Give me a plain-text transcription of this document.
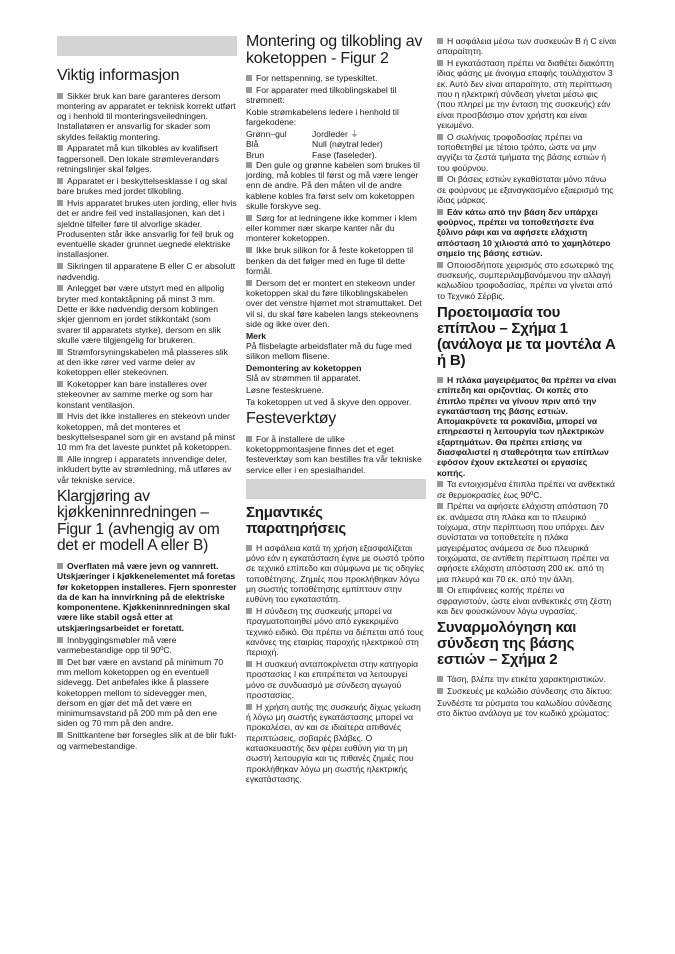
Viktig informasjon

Sikker bruk kan bare garanteres dersom montering av apparatet er teknisk korrekt utført og i henhold til monteringsveiledningen. Installatøren er ansvarlig for skader som skyldes feilaktig montering.

Apparatet må kun tilkobles av kvalifisert fagpersonell. Den lokale strømleverandørs retningslinjer skal følges.

Apparatet er i beskyttelsesklasse I og skal bare brukes med jordet tilkobling.

Hvis apparatet brukes uten jording, eller hvis det er andre feil ved installasjonen, kan det i sjeldne tilfeller føre til alvorlige skader. Produsenten står ikke ansvarlig for feil bruk og eventuelle skader grunnet uegnede elektriske installasjoner.

Sikringen til apparatene B eller C er absolutt nødvendig.

Anlegget bør være utstyrt med en allpolig bryter med kontaktåpning på minst 3 mm. Dette er ikke nødvendig dersom koblingen skjer gjennom en jordet stikkontakt (som svarer til apparatets styrke), dersom en slik skulle være tilgjengelig for brukeren.

Strømforsyningskabelen må plasseres slik at den ikke rører ved varme deler av koketoppen eller stekeovnen.

Koketopper kan bare installeres over stekeovner av samme merke og som har konstant ventilasjon.

Hvis det ikke installeres en stekeovn under koketoppen, må det monteres et beskyttelsespanel som gir en avstand på minst 10 mm fra det laveste punktet på koketoppen.

Alle inngrep i apparatets innvendige deler, inkludert bytte av strømledning, må utføres av vår tekniske service.

Klargjøring av kjøkkeninnredningen – Figur 1 (avhengig av om det er modell A eller B)

Overflaten må være jevn og vannrett. Utskjæringer i kjøkkenelementet må foretas før koketoppen installeres. Fjern sponrester da de kan ha innvirkning på de elektriske komponentene. Kjøkkeninnredningen skal være like stabil også etter at utskjæringsarbeidet er foretatt.

Innbyggingsmøbler må være varmebestandige opp til 90ºC.

Det bør være en avstand på minimum 70 mm mellom koketoppen og en eventuell sidevegg. Det anbefales ikke å plassere koketoppen mellom to sidevegger men, dersom en gjør det må det være en minimumsavstand på 200 mm på den ene siden og 70 mm på den andre.

Snittkantene bør forsegles slik at de blir fukt- og varmebestandige.

Montering og tilkobling av koketoppen - Figur 2

For nettspenning, se typeskiltet.

For apparater med tilkoblingskabel til strømnett:

Koble strømkabelens ledere i henhold til fargekodene:

Grønn–gul	Jordleder ⏚
Blå	Null (nøytral leder)
Brun	Fase (faseleder).

Den gule og grønne kabelen som brukes til jording, må kobles til først og må være lenger enn de andre. På den måten vil de andre kablene kobles fra først selv om koketoppen skulle forskyve seg.

Sørg for at ledningene ikke kommer i klem eller kommer nær skarpe kanter når du monterer koketoppen.

Ikke bruk silikon for å feste koketoppen til benken da det følger med en fuge til dette formål.

Dersom det er montert en stekeovn under koketoppen skal du føre tilkoblingskabelen over det venstre hjørnet mot strømuttaket. Det vil si, du skal føre kabelen langs stekeovnens side og ikke over den.

Merk

På flisbelagte arbeidsflater må du fuge med silikon mellom flisene.

Demontering av koketoppen

Slå av strømmen til apparatet.

Løsne festeskruene.

Ta koketoppen ut ved å skyve den oppover.

Festeverktøy

For å installere de ulike koketoppmontasjene finnes det et eget festeverktøy som kan bestilles fra vår tekniske service eller i en spesialhandel.

Σημαντικές παρατηρήσεις

Η ασφάλεια κατά τη χρήση εξασφαλίζεται μόνο εάν η εγκατάσταση έγινε με σωστό τρόπο σε τεχνικό επίπεδο και σύμφωνα με τις οδηγίες τοποθέτησης. Ζημιές που προκλήθηκαν λόγω μη σωστής τοποθέτησης εμπίπτουν στην ευθύνη του εγκαταστάτη.

Η σύνδεση της συσκευής μπορεί να πραγματοποιηθεί μόνο από εγκεκριμένο τεχνικό ειδικό. Θα πρέπει να διέπεται από τους κανόνες της εταιρίας παροχής ηλεκτρικού στη περιοχή.

Η συσκευή ανταποκρίνεται στην κατηγορία προστασίας I και επιτρέπεται να λειτουργεί μόνο σε συνδυασμό με σύνδεση αγωγού προστασίας.

Η χρήση αυτής της συσκευής δίχως γείωση ή λόγω μη σωστής εγκατάστασης μπορεί να προκαλέσει, αν και σε ιδιαίτερα απιθανές περιπτώσεις, σοβαρές βλάβες. Ο κατασκευαστής δεν φέρει ευθύνη για τη μη σωστή λειτουργία και τις πιθανές ζημιές που προκλήθηκαν λόγω μη σωστής ηλεκτρικής εγκατάστασης.

Η ασφάλεια μέσω των συσκευών B ή C είναι απαραίτητη.

Η εγκατάσταση πρέπει να διαθέτει διακόπτη ίδιας φάσης με άνοιγμα επαφής τουλάχιστον 3 εκ. Αυτό δεν είναι απαραίτητο, στη περίπτωση που η ηλεκτρική σύνδεση γίνεται μέσω φις (που πληρεί με την ένταση της συσκευής) εάν είναι προσβάσιμο στον χρήστη και είναι γειωμένο.

Ο σωλήνας τροφοδοσίας πρέπει να τοποθετηθεί με τέτοιο τρόπο, ώστε να μην αγγίζει τα ζεστά τμήματα της βάσης εστιών ή του φούρνου.

Οι βάσεις εστιών εγκαθίσταται μόνο πάνω σε φούρνους με εξαναγκασμένο εξαερισμό της ίδιας μάρκας.

Εάν κάτω από την βάση δεν υπάρχει φούρνος, πρέπει να τοποθετήσετε ένα ξύλινο ράφι και να αφήσετε ελάχιστη απόσταση 10 χιλιοστά από το χαμηλότερο σημείο της βάσης εστιών.

Οποιοσδήποτε χειρισμός στο εσωτερικό της συσκευής, συμπεριλαμβανόμενου την αλλαγή καλωδίου τροφοδοσίας, πρέπει να γίνεται από το Τεχνικό Σέρβις.

Προετοιμασία του επίπλου – Σχήμα 1 (ανάλογα με τα μοντέλα A ή B)

Η πλάκα μαγειρέματος θα πρέπει να είναι επίπεδη και οριζοντίας. Οι κοπές στο έπιπλο πρέπει να γίνουν πριν από την εγκατάσταση της βάσης εστιών. Απομακρύνετε τα ροκανίδια, μπορεί να επηρεαστεί η λειτουργία των ηλεκτρικών εξαρτημάτων. Θα πρέπει επίσης να διασφαλιστεί η σταθερότητα των επίπλων εφόσον έχουν εκτελεστεί οι εργασίες κοπής.

Τα εντοιχισμένα έπιπλα πρέπει να ανθεκτικά σε θερμοκρασίες έως 90ºC.

Πρέπει να αφήσετε ελάχιστη απόσταση 70 εκ. ανάμεσα στη πλάκα και το πλευρικό τοίχωμα, στην περίπτωση που υπάρχει. Δεν συνίσταται να τοποθετείτε η πλάκα μαγειρέματος ανάμεσα σε δυο πλευρικά τοιχώματα, σε αντίθετη περίπτωση πρέπει να αφήσετε ελάχιστη απόσταση 200 εκ. από τη μια πλευρά και 70 εκ. από την άλλη.

Οι επιφάνειες κοπής πρέπει να σφραγιστούν, ώστε είναι ανθεκτικές στη ζέστη και δεν φουσκώνουν λόγω υγρασίας.

Συναρμολόγηση και σύνδεση της βάσης εστιών – Σχήμα 2

Τάση, βλέπε την ετικέτα χαρακτηριστικών.

Συσκευές με καλώδιο σύνδεσης στο δίκτυο:

Συνδέστε τα ρύσματα του καλωδίου σύνδεσης στο δίκτυο ανάλογα με τον κωδικό χρώματος:
